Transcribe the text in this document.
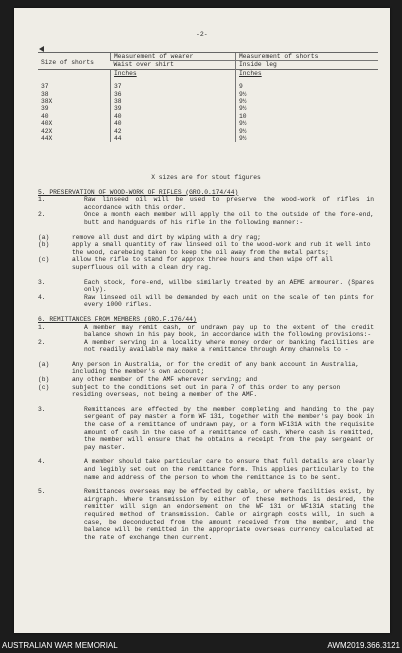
-2-
Size of shorts	Measurement of wearer	Measurement of shorts
	Waist over shirt	Inside leg
	Inches	Inches

37	37	9
38	36	9½
38X	38	9½
39	39	9½
40	40	10
40X	40	9½
42X	42	9½
44X	44	9½

X sizes are for stout figures

5. PRESERVATION OF WOOD-WORK OF RIFLES (GRO.0.174/44)
1.	Raw linseed oil will be used to preserve the wood-work of rifles in accordance with this order.
2.	Once a month each member will apply the oil to the outside of the fore-end, butt and handguards of his rifle in the following manner:-
(a)	remove all dust and dirt by wiping with a dry rag;
(b)	apply a small quantity of raw linseed oil to the wood-work and rub it well into the wood, carebeing taken to keep the oil away from the metal parts;
(c)	allow the rifle to stand for approx three hours and then wipe off all superfluous oil with a clean dry rag.
3.	Each stock, fore-end, willbe similarly treated by an AEME armourer. (Spares only).
4.	Raw linseed oil will be demanded by each unit on the scale of ten pints for every 1000 rifles.
6. REMITTANCES FROM MEMBERS (GRO.F.176/44)
1.	A member may remit cash, or undrawn pay up to the extent of the credit balance shown in his pay book, in accordance with the following provisions:-
2.	A member serving in a locality where money order or banking facilities are not readily available may make a remittance through Army channels to -
(a)	Any person in Australia, or for the credit of any bank account in Australia, including the member's own account;
(b)	any other member of the AMF wherever serving; and
(c)	subject to the conditions set out in para 7 of this order to any person residing overseas, not being a member of the AMF.
3.	Remittances are effected by the member completing and handing to the pay sergeant of pay master a form WF 131, together with the member's pay book in the case of a remittance of undrawn pay, or a form WF131A with the requisite amount of cash in the case of a remittance of cash. Where cash is remitted, the member will ensure that he obtains a receipt from the pay sergeant or pay master.
4.	A member should take particular care to ensure that full details are clearly and legibly set out on the remittance form. This applies particularly to the name and address of the person to whom the remittance is to be sent.
5.	Remittances overseas may be effected by cable, or where facilities exist, by airgraph. Where transmission by either of these methods is desired, the remitter will sign an endorsement on the WF 131 or WF131A stating the required method of transmission. Cable or airgraph costs will, in such a case, be deconducted from the amount received from the member, and the balance will be remitted in the appropriate overseas currency calculated at the rate of exchange then current.
AUSTRALIAN WAR MEMORIAL	AWM2019.366.3121
